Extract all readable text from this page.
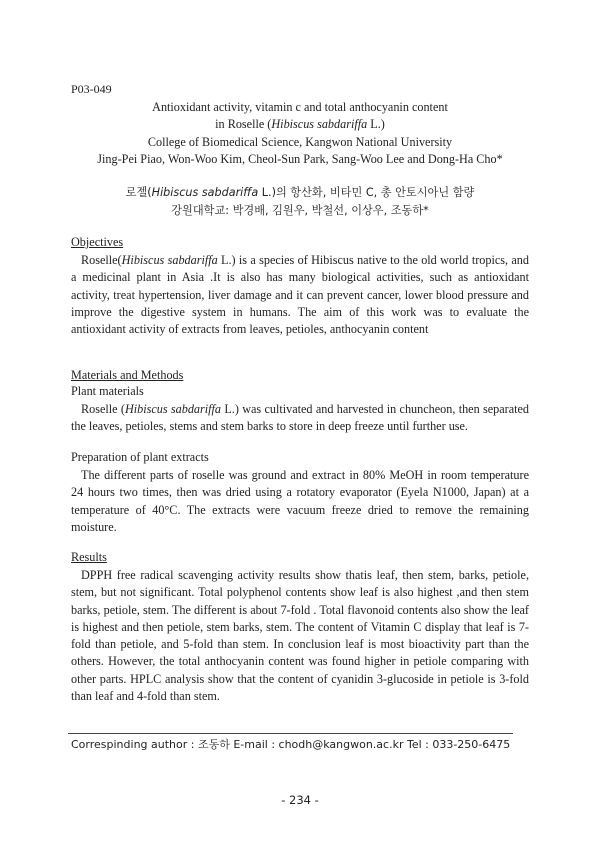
P03-049
Antioxidant activity, vitamin c and total anthocyanin content
in Roselle (Hibiscus sabdariffa L.)
College of Biomedical Science, Kangwon National University
Jing-Pei Piao, Won-Woo Kim, Cheol-Sun Park, Sang-Woo Lee and Dong-Ha Cho*
로젤(Hibiscus sabdariffa L.)의 항산화, 비타민 C, 총 안토시아닌 함량
강원대학교: 박경배, 김원우, 박철선, 이상우, 조동하*
Objectives

Roselle(Hibiscus sabdariffa L.) is a species of Hibiscus native to the old world tropics, and a medicinal plant in Asia .It is also has many biological activities, such as antioxidant activity, treat hypertension, liver damage and it can prevent cancer, lower blood pressure and improve the digestive system in humans. The aim of this work was to evaluate the antioxidant activity of extracts from leaves, petioles, anthocyanin content

Materials and Methods
Plant materials

Roselle (Hibiscus sabdariffa L.) was cultivated and harvested in chuncheon, then separated the leaves, petioles, stems and stem barks to store in deep freeze until further use.

Preparation of plant extracts

The different parts of roselle was ground and extract in 80% MeOH in room temperature 24 hours two times, then was dried using a rotatory evaporator (Eyela N1000, Japan) at a temperature of 40°C. The extracts were vacuum freeze dried to remove the remaining moisture.

Results

DPPH free radical scavenging activity results show thatis leaf, then stem, barks, petiole, stem, but not significant. Total polyphenol contents show leaf is also highest ,and then stem barks, petiole, stem. The different is about 7-fold . Total flavonoid contents also show the leaf is highest and then petiole, stem barks, stem. The content of Vitamin C display that leaf is 7-fold than petiole, and 5-fold than stem. In conclusion leaf is most bioactivity part than the others. However, the total anthocyanin content was found higher in petiole comparing with other parts. HPLC analysis show that the content of cyanidin 3-glucoside in petiole is 3-fold than leaf and 4-fold than stem.

Correspinding author : 조동하 E-mail : chodh@kangwon.ac.kr Tel : 033-250-6475
- 234 -
